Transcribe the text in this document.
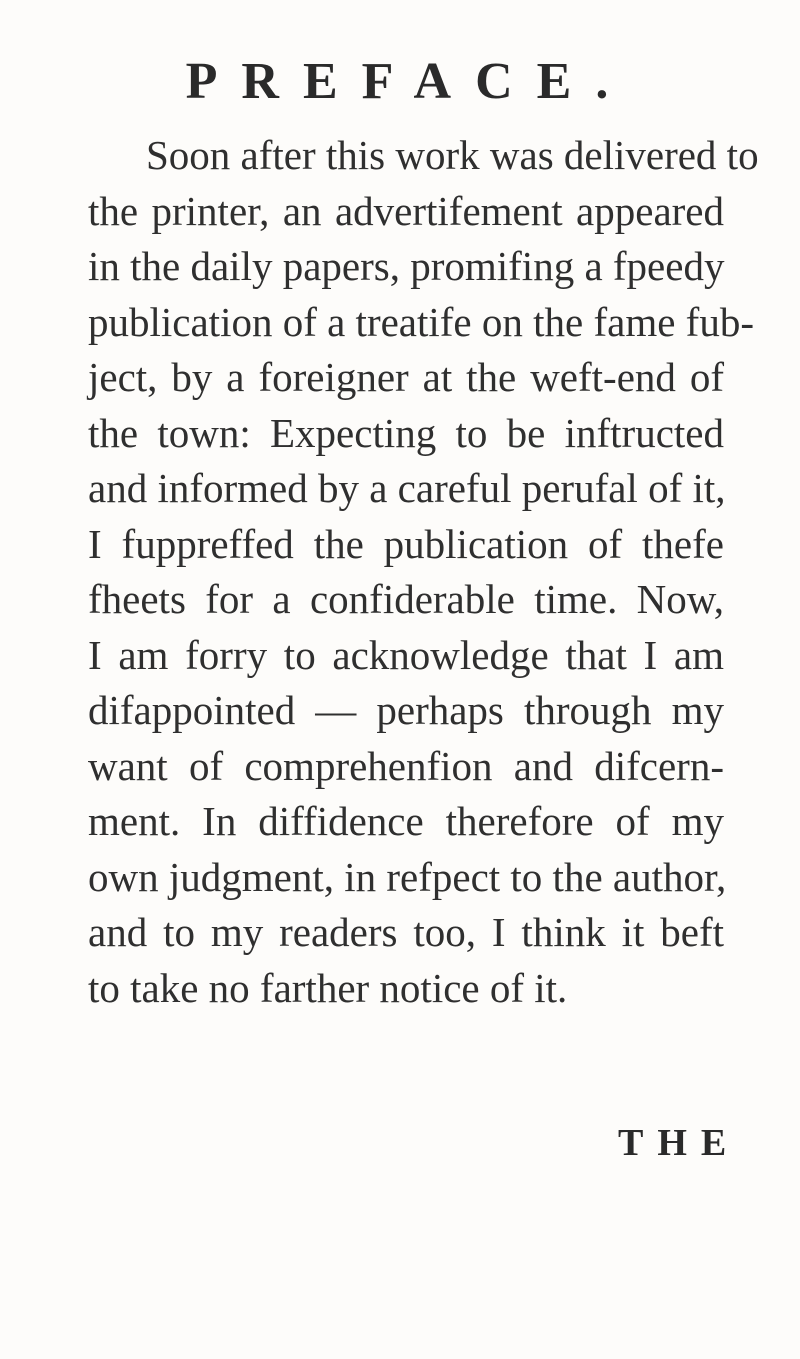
PREFACE.
Soon after this work was delivered to
the printer, an advertifement appeared
in the daily papers, promifing a fpeedy
publication of a treatife on the fame fub-
ject, by a foreigner at the weft-end of
the town: Expecting to be inftructed
and informed by a careful perufal of it,
I fuppreffed the publication of thefe
fheets for a confiderable time. Now,
I am forry to acknowledge that I am
difappointed — perhaps through my
want of comprehenfion and difcern-
ment. In diffidence therefore of my
own judgment, in refpect to the author,
and to my readers too, I think it beft
to take no farther notice of it.
THE
